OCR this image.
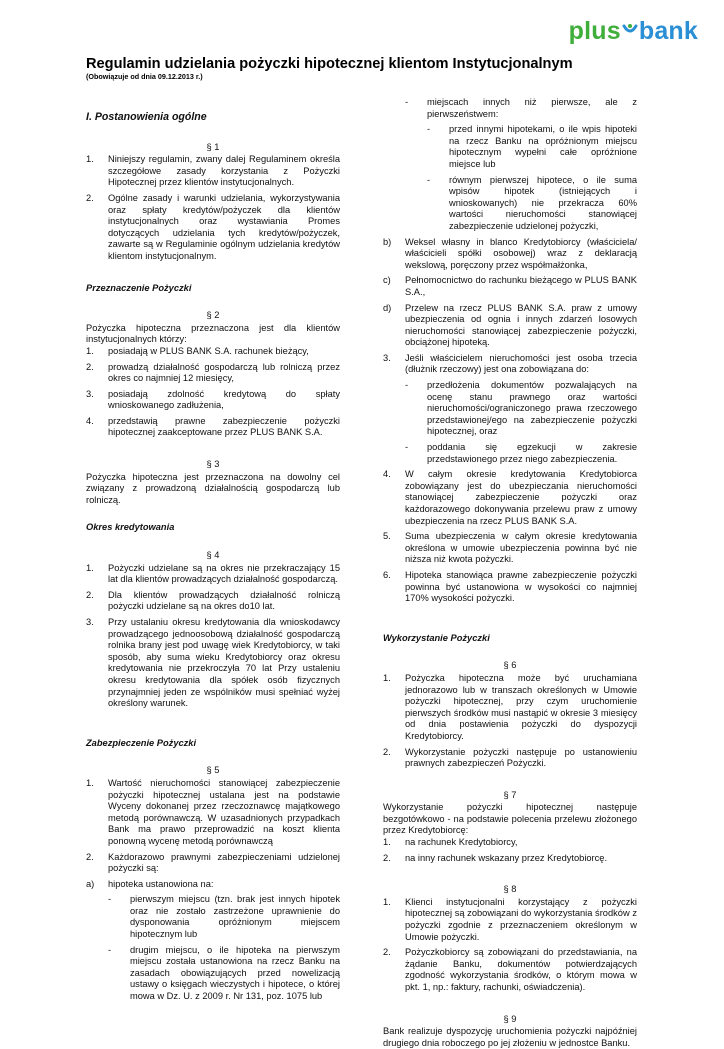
plus bank
Regulamin udzielania pożyczki hipotecznej klientom Instytucjonalnym

(Obowiązuje od dnia 09.12.2013 r.)

I. Postanowienia ogólne
§ 1
1.	Niniejszy regulamin, zwany dalej Regulaminem określa szczegółowe zasady korzystania z Pożyczki Hipotecznej przez klientów instytucjonalnych.
2.	Ogólne zasady i warunki udzielania, wykorzystywania oraz spłaty kredytów/pożyczek dla klientów instytucjonalnych oraz wystawiania Promes dotyczących udzielania tych kredytów/pożyczek, zawarte są w Regulaminie ogólnym udzielania kredytów klientom instytucjonalnym.
Przeznaczenie Pożyczki
§ 2

Pożyczka hipoteczna przeznaczona jest dla klientów instytucjonalnych którzy:

1.	posiadają w PLUS BANK S.A. rachunek bieżący,
2.	prowadzą działalność gospodarczą lub rolniczą przez okres co najmniej 12 miesięcy,
3.	posiadają zdolność kredytową do spłaty wnioskowanego zadłużenia,
4.	przedstawią prawne zabezpieczenie pożyczki hipotecznej zaakceptowane przez PLUS BANK S.A.
§ 3

Pożyczka hipoteczna jest przeznaczona na dowolny cel związany z prowadzoną działalnością gospodarczą lub rolniczą.

Okres kredytowania
§ 4
1.	Pożyczki udzielane są na okres nie przekraczający 15 lat dla klientów prowadzących działalność gospodarczą.
2.	Dla klientów prowadzących działalność rolniczą pożyczki udzielane są na okres do10 lat.
3.	Przy ustalaniu okresu kredytowania dla wnioskodawcy prowadzącego jednoosobową działalność gospodarczą rolnika brany jest pod uwagę wiek Kredytobiorcy, w taki sposób, aby suma wieku Kredytobiorcy oraz okresu kredytowania nie przekroczyła 70 lat Przy ustaleniu okresu kredytowania dla spółek osób fizycznych przynajmniej jeden ze wspólników musi spełniać wyżej określony warunek.
Zabezpieczenie Pożyczki
§ 5
1.	Wartość nieruchomości stanowiącej zabezpieczenie pożyczki hipotecznej ustalana jest na podstawie Wyceny dokonanej przez rzeczoznawcę majątkowego metodą porównawczą. W uzasadnionych przypadkach Bank ma prawo przeprowadzić na koszt klienta ponowną wycenę metodą porównawczą
2.	Każdorazowo prawnymi zabezpieczeniami udzielonej pożyczki są:
a)	hipoteka ustanowiona na:
-	pierwszym miejscu (tzn. brak jest innych hipotek oraz nie zostało zastrzeżone uprawnienie do dysponowania opróżnionym miejscem hipotecznym lub
-	drugim miejscu, o ile hipoteka na pierwszym miejscu została ustanowiona na rzecz Banku na zasadach obowiązujących przed nowelizacją ustawy o księgach wieczystych i hipotece, o której mowa w Dz. U. z 2009 r. Nr 131, poz. 1075 lub
-	miejscach innych niż pierwsze, ale z pierwszeństwem:
-	przed innymi hipotekami, o ile wpis hipoteki na rzecz Banku na opróżnionym miejscu hipotecznym wypełni całe opróżnione miejsce lub
-	równym pierwszej hipotece, o ile suma wpisów hipotek (istniejących i wnioskowanych) nie przekracza 60% wartości nieruchomości stanowiącej zabezpieczenie udzielonej pożyczki,
b)	Weksel własny in blanco Kredytobiorcy (właściciela/ właścicieli spółki osobowej) wraz z deklaracją wekslową, poręczony przez współmałżonka,
c)	Pełnomocnictwo do rachunku bieżącego w PLUS BANK S.A.,
d)	Przelew na rzecz PLUS BANK S.A. praw z umowy ubezpieczenia od ognia i innych zdarzeń losowych nieruchomości stanowiącej zabezpieczenie pożyczki, obciążonej hipoteką.
3.	Jeśli właścicielem nieruchomości jest osoba trzecia (dłużnik rzeczowy) jest ona zobowiązana do:
-	przedłożenia dokumentów pozwalających na ocenę stanu prawnego oraz wartości nieruchomości/ograniczonego prawa rzeczowego przedstawionej/ego na zabezpieczenie pożyczki hipotecznej, oraz
-	poddania się egzekucji w zakresie przedstawionego przez niego zabezpieczenia.
4.	W całym okresie kredytowania Kredytobiorca zobowiązany jest do ubezpieczania nieruchomości stanowiącej zabezpieczenie pożyczki oraz każdorazowego dokonywania przelewu praw z umowy ubezpieczenia na rzecz PLUS BANK S.A.
5.	Suma ubezpieczenia w całym okresie kredytowania określona w umowie ubezpieczenia powinna być nie niższa niż kwota pożyczki.
6.	Hipoteka stanowiąca prawne zabezpieczenie pożyczki powinna być ustanowiona w wysokości co najmniej 170% wysokości pożyczki.
Wykorzystanie Pożyczki
§ 6
1.	Pożyczka hipoteczna może być uruchamiana jednorazowo lub w transzach określonych w Umowie pożyczki hipotecznej, przy czym uruchomienie pierwszych środków musi nastąpić w okresie 3 miesięcy od dnia postawienia pożyczki do dyspozycji Kredytobiorcy.
2.	Wykorzystanie pożyczki następuje po ustanowieniu prawnych zabezpieczeń Pożyczki.
§ 7

Wykorzystanie pożyczki hipotecznej następuje bezgotówkowo - na podstawie polecenia przelewu złożonego przez Kredytobiorcę:

1.	na rachunek Kredytobiorcy,
2.	na inny rachunek wskazany przez Kredytobiorcę.
§ 8
1.	Klienci instytucjonalni korzystający z pożyczki hipotecznej są zobowiązani do wykorzystania środków z pożyczki zgodnie z przeznaczeniem określonym w Umowie pożyczki.
2.	Pożyczkobiorcy są zobowiązani do przedstawiania, na żądanie Banku, dokumentów potwierdzających zgodność wykorzystania środków, o którym mowa w pkt. 1, np.: faktury, rachunki, oświadczenia).
§ 9

Bank realizuje dyspozycję uruchomienia pożyczki najpóźniej drugiego dnia roboczego po jej złożeniu w jednostce Banku.
